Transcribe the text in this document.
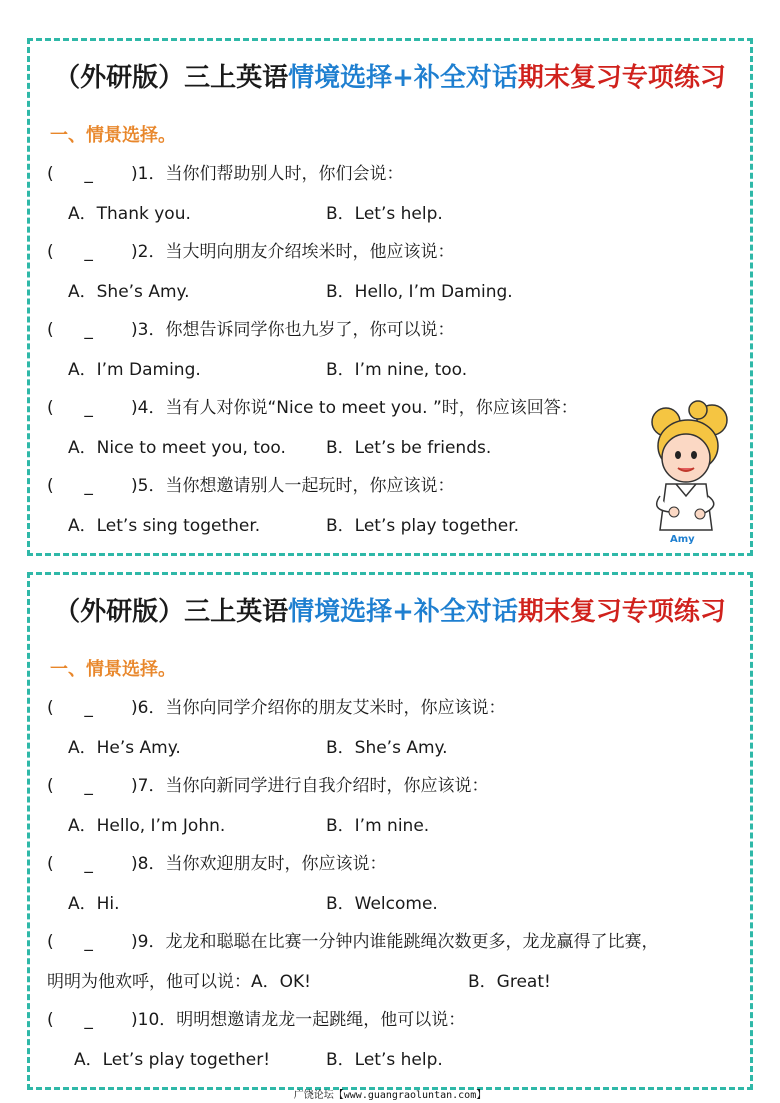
（外研版）三上英语情境选择+补全对话期末复习专项练习
一、情景选择。
( _ )1．当你们帮助别人时，你们会说：
A．Thank you.	B．Let’s help.
( _ )2．当大明向朋友介绍埃米时，他应该说：
A．She’s Amy.	B．Hello, I’m Daming.
( _ )3．你想告诉同学你也九岁了，你可以说：
A．I’m Daming.	B．I’m nine, too.
( _ )4．当有人对你说“Nice to meet you. ”时，你应该回答：
A．Nice to meet you, too. B．Let’s be friends.
( _ )5．当你想邀请别人一起玩时，你应该说：
A．Let’s sing together.	B．Let’s play together.
Amy
（外研版）三上英语情境选择+补全对话期末复习专项练习
一、情景选择。
( _ )6．当你向同学介绍你的朋友艾米时，你应该说：
A．He’s Amy.	B．She’s Amy.
( _ )7．当你向新同学进行自我介绍时，你应该说：
A．Hello, I’m John.	B．I’m nine.
( _ )8．当你欢迎朋友时，你应该说：
A．Hi.	B．Welcome.
( _ )9．龙龙和聪聪在比赛一分钟内谁能跳绳次数更多，龙龙赢得了比赛，
明明为他欢呼，他可以说：A．OK!	B．Great!
( _ )10．明明想邀请龙龙一起跳绳，他可以说：
A．Let’s play together!	B．Let’s help.
广饶论坛【www.guangraoluntan.com】
